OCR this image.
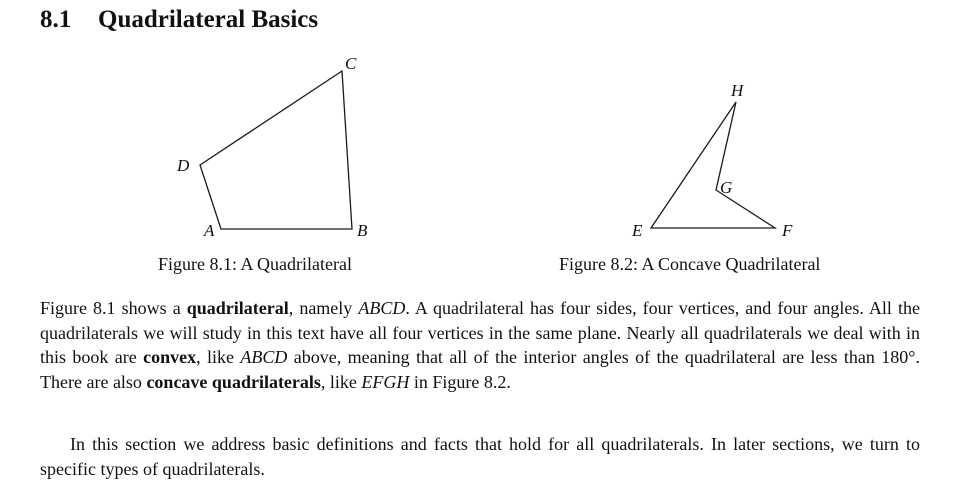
8.1 Quadrilateral Basics
A	B
C
D
E	F
G
H
Figure 8.1: A Quadrilateral	Figure 8.2: A Concave Quadrilateral
Figure 8.1 shows a quadrilateral, namely ABCD. A quadrilateral has four sides, four vertices, and four angles. All the quadrilaterals we will study in this text have all four vertices in the same plane. Nearly all quadrilaterals we deal with in this book are convex, like ABCD above, meaning that all of the interior angles of the quadrilateral are less than 180°. There are also concave quadrilaterals, like EFGH in Figure 8.2.
In this section we address basic definitions and facts that hold for all quadrilaterals. In later sections, we turn to specific types of quadrilaterals.
